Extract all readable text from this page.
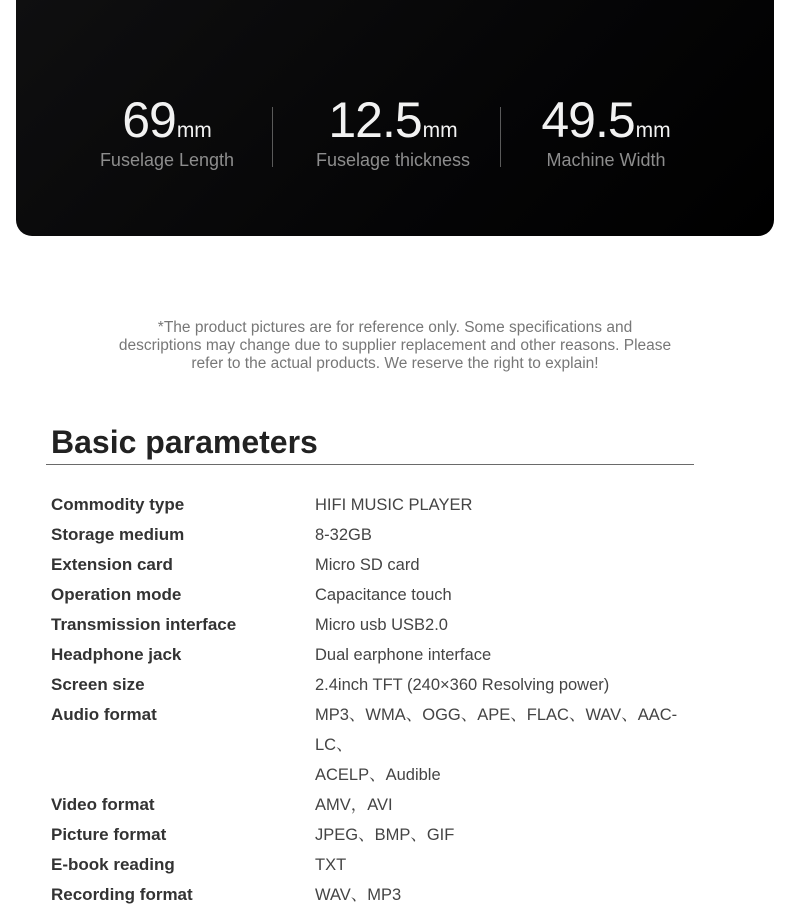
69mm
Fuselage Length
12.5mm
Fuselage thickness
49.5mm
Machine Width
*The product pictures are for reference only. Some specifications and
descriptions may change due to supplier replacement and other reasons. Please
refer to the actual products. We reserve the right to explain!
Basic parameters
Commodity type	HIFI MUSIC PLAYER
Storage medium	8-32GB
Extension card	Micro SD card
Operation mode	Capacitance touch
Transmission interface	Micro usb USB2.0
Headphone jack	Dual earphone interface
Screen size	2.4inch TFT (240×360 Resolving power)
Audio format	MP3、WMA、OGG、APE、FLAC、WAV、AAC-LC、
ACELP、Audible
Video format	AMV，AVI
Picture format	JPEG、BMP、GIF
E-book reading	TXT
Recording format	WAV、MP3
